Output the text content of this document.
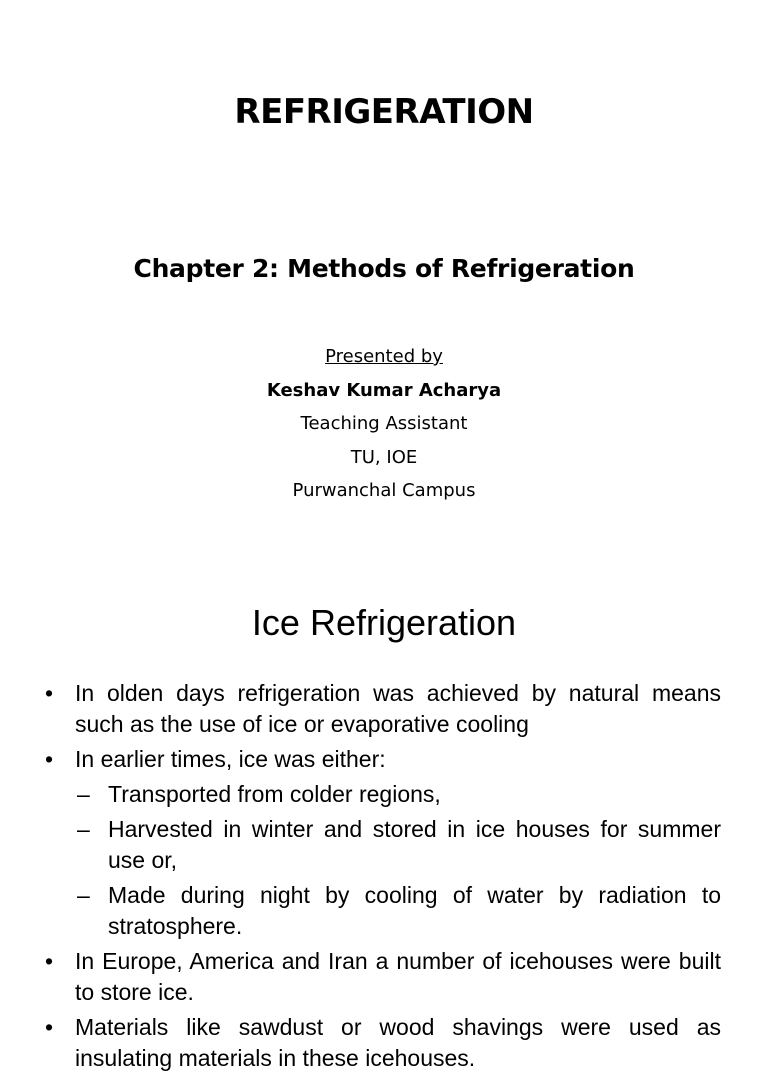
REFRIGERATION
Chapter 2: Methods of Refrigeration
Presented by
Keshav Kumar Acharya
Teaching Assistant
TU, IOE
Purwanchal Campus
Ice Refrigeration
• In olden days refrigeration was achieved by natural means such as the use of ice or evaporative cooling
• In earlier times, ice was either:
– Transported from colder regions,
– Harvested in winter and stored in ice houses for summer use or,
– Made during night by cooling of water by radiation to stratosphere.
• In Europe, America and Iran a number of icehouses were built to store ice.
• Materials like sawdust or wood shavings were used as insulating materials in these icehouses.
